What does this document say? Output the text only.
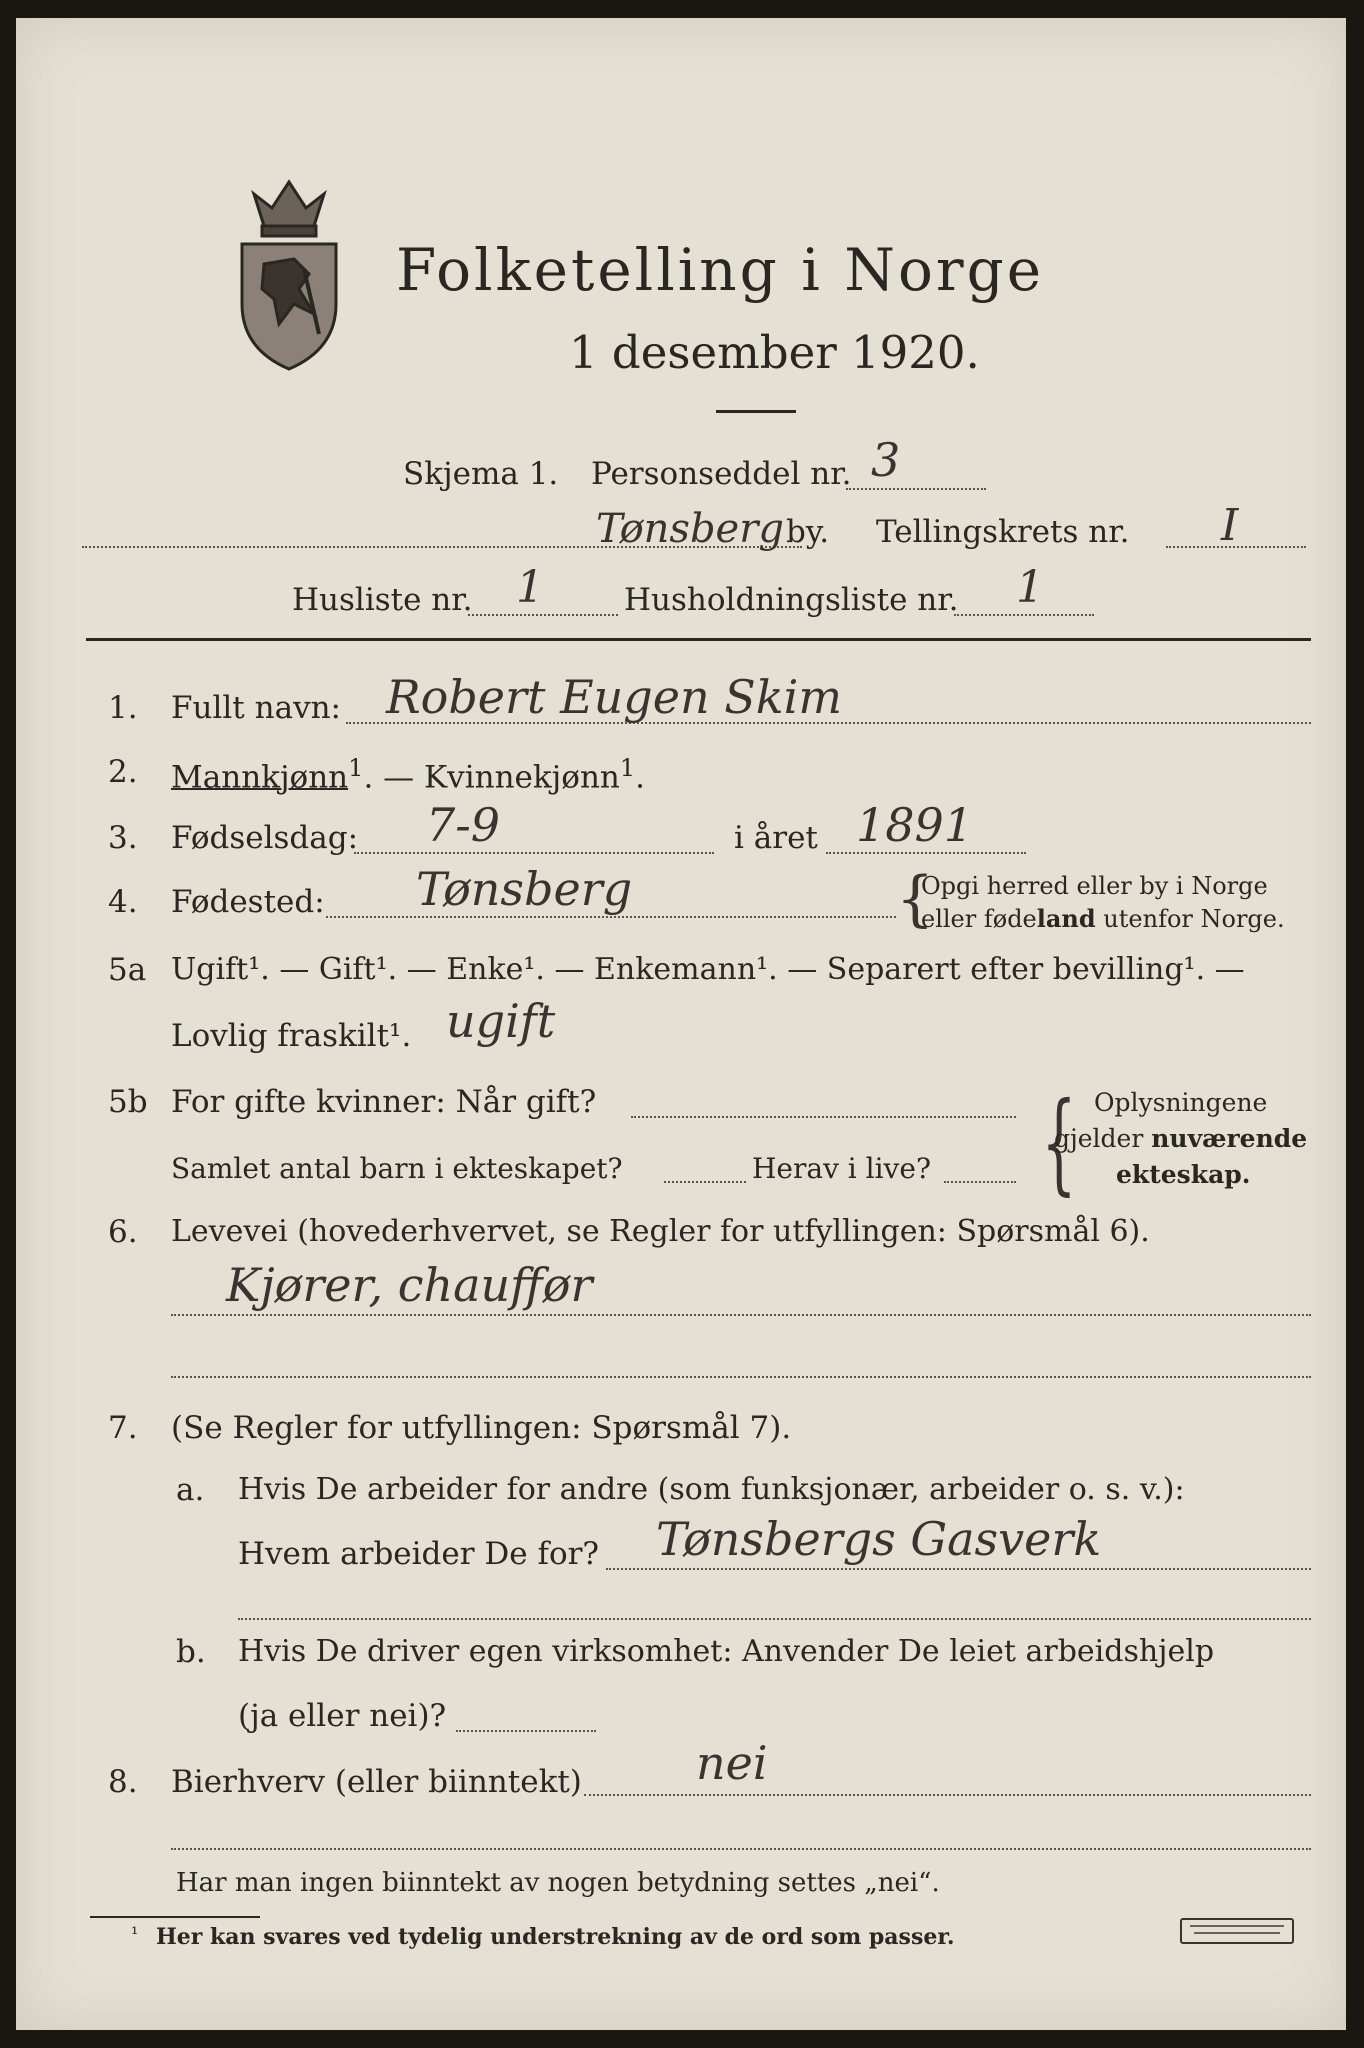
Folketelling i Norge
1 desember 1920.
Skjema 1. Personseddel nr. 3
Tønsberg by. Tellingskrets nr. I
Husliste nr. 1	Husholdningsliste nr. 1
1. Fullt navn: Robert Eugen Skim
2. Mannkjønn$^1$. — Kvinnekjønn$^1$.
3. Fødselsdag: 7-9	i året 1891
4. Fødested: Tønsberg	{
Opgi herred eller by i Norge
eller fødeland utenfor Norge.
5a Ugift¹. — Gift¹. — Enke¹. — Enkemann¹. — Separert efter bevilling¹. —
Lovlig fraskilt¹. ugift
5b For gifte kvinner: Når gift?
Samlet antal barn i ekteskapet?	Herav i live? { Oplysningene
gjelder nuværende
ekteskap.
6. Levevei (hovederhvervet, se Regler for utfyllingen: Spørsmål 6).
Kjører, chauffør
7. (Se Regler for utfyllingen: Spørsmål 7).
a. Hvis De arbeider for andre (som funksjonær, arbeider o. s. v.):
Hvem arbeider De for? Tønsbergs Gasverk
b. Hvis De driver egen virksomhet: Anvender De leiet arbeidshjelp
(ja eller nei)?
8. Bierhverv (eller biinntekt) nei
Har man ingen biinntekt av nogen betydning settes „nei“.
¹ Her kan svares ved tydelig understrekning av de ord som passer.
